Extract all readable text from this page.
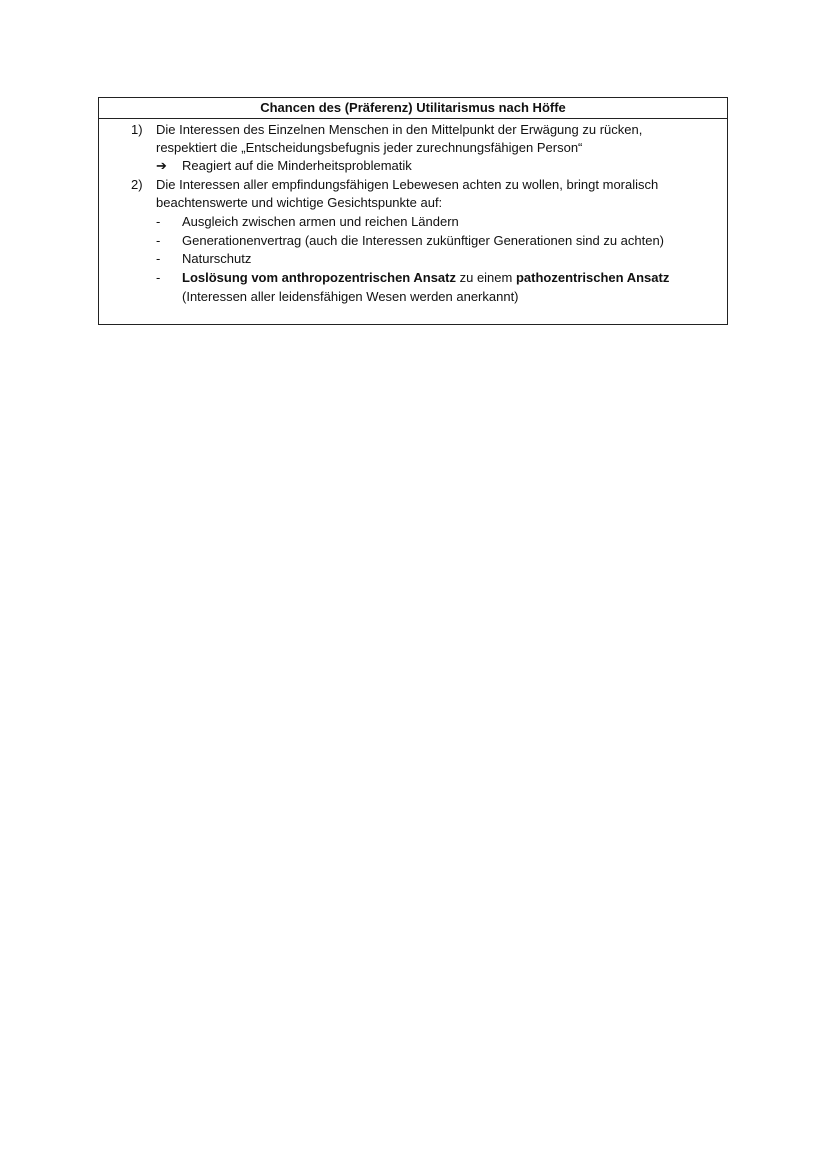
Chancen des (Präferenz) Utilitarismus nach Höffe
1) Die Interessen des Einzelnen Menschen in den Mittelpunkt der Erwägung zu rücken,
respektiert die „Entscheidungsbefugnis jeder zurechnungsfähigen Person“
➔ Reagiert auf die Minderheitsproblematik
2) Die Interessen aller empfindungsfähigen Lebewesen achten zu wollen, bringt moralisch
beachtenswerte und wichtige Gesichtspunkte auf:
- Ausgleich zwischen armen und reichen Ländern
- Generationenvertrag (auch die Interessen zukünftiger Generationen sind zu achten)
- Naturschutz
- Loslösung vom anthropozentrischen Ansatz zu einem pathozentrischen Ansatz
(Interessen aller leidensfähigen Wesen werden anerkannt)
